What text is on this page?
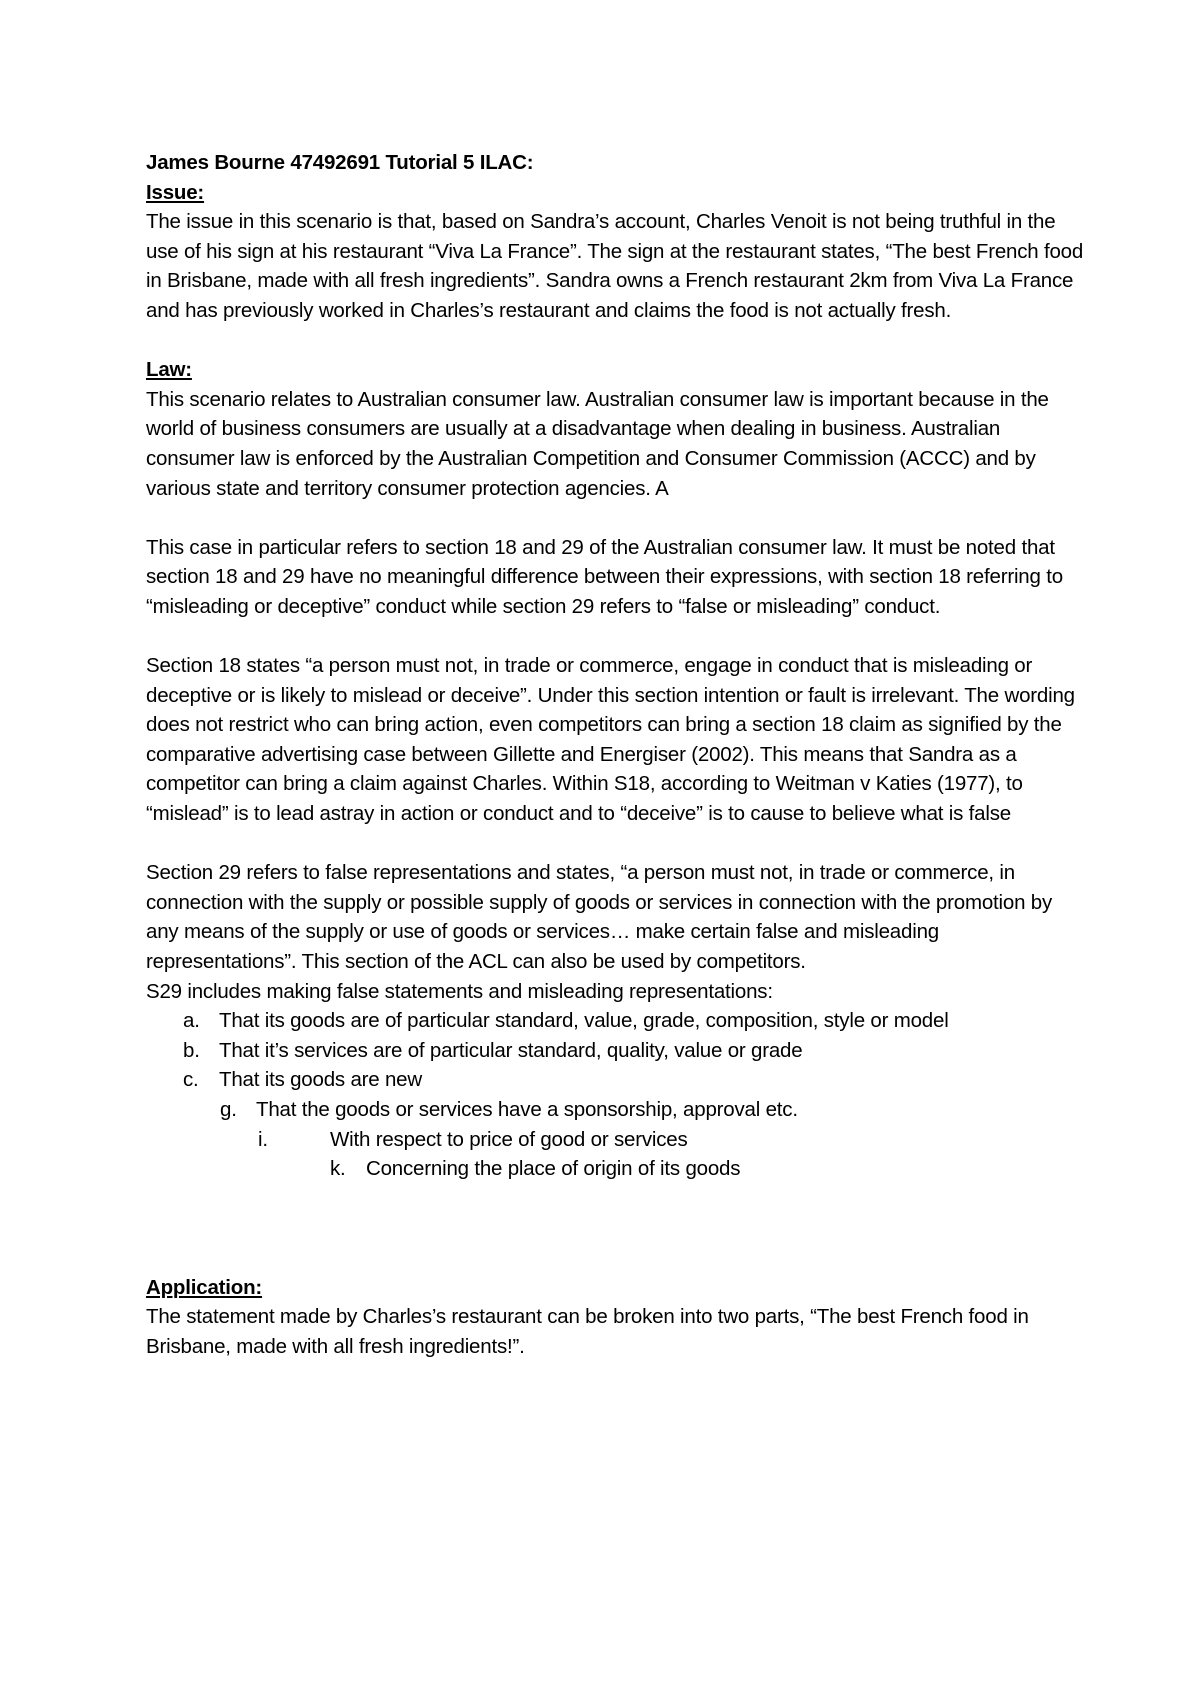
James Bourne 47492691 Tutorial 5 ILAC:

Issue:

The issue in this scenario is that, based on Sandra’s account, Charles Venoit is not being truthful in the use of his sign at his restaurant “Viva La France”. The sign at the restaurant states, “The best French food in Brisbane, made with all fresh ingredients”. Sandra owns a French restaurant 2km from Viva La France and has previously worked in Charles’s restaurant and claims the food is not actually fresh.

Law:

This scenario relates to Australian consumer law. Australian consumer law is important because in the world of business consumers are usually at a disadvantage when dealing in business. Australian consumer law is enforced by the Australian Competition and Consumer Commission (ACCC) and by various state and territory consumer protection agencies. A

This case in particular refers to section 18 and 29 of the Australian consumer law. It must be noted that section 18 and 29 have no meaningful difference between their expressions, with section 18 referring to “misleading or deceptive” conduct while section 29 refers to “false or misleading” conduct.

Section 18 states “a person must not, in trade or commerce, engage in conduct that is misleading or deceptive or is likely to mislead or deceive”. Under this section intention or fault is irrelevant. The wording does not restrict who can bring action, even competitors can bring a section 18 claim as signified by the comparative advertising case between Gillette and Energiser (2002). This means that Sandra as a competitor can bring a claim against Charles. Within S18, according to Weitman v Katies (1977), to “mislead” is to lead astray in action or conduct and to “deceive” is to cause to believe what is false

Section 29 refers to false representations and states, “a person must not, in trade or commerce, in connection with the supply or possible supply of goods or services in connection with the promotion by any means of the supply or use of goods or services… make certain false and misleading representations”. This section of the ACL can also be used by competitors.

S29 includes making false statements and misleading representations:

a. That its goods are of particular standard, value, grade, composition, style or model
b. That it’s services are of particular standard, quality, value or grade
c. That its goods are new
g. That the goods or services have a sponsorship, approval etc.
i.	With respect to price of good or services
k. Concerning the place of origin of its goods

Application:

The statement made by Charles’s restaurant can be broken into two parts, “The best French food in Brisbane, made with all fresh ingredients!”.
